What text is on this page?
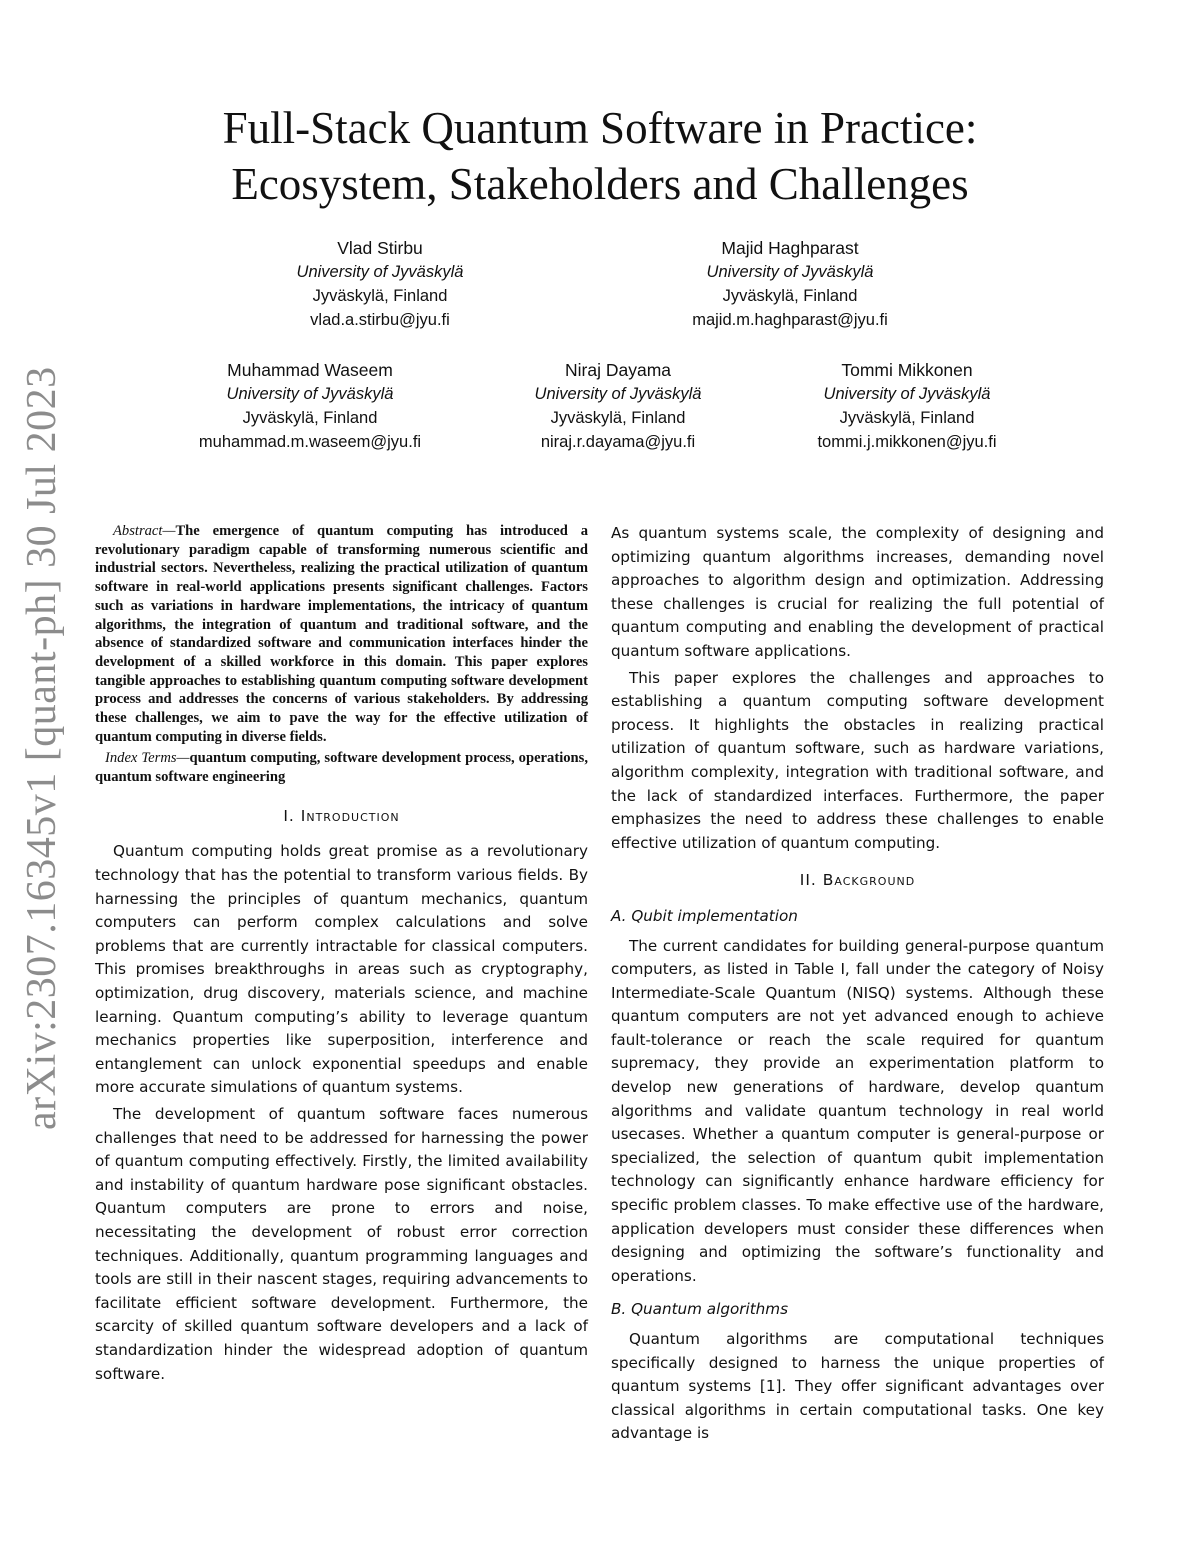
arXiv:2307.16345v1 [quant-ph] 30 Jul 2023
Full-Stack Quantum Software in Practice:
Ecosystem, Stakeholders and Challenges
Vlad Stirbu
University of Jyväskylä
Jyväskylä, Finland
vlad.a.stirbu@jyu.fi
Majid Haghparast
University of Jyväskylä
Jyväskylä, Finland
majid.m.haghparast@jyu.fi
Muhammad Waseem
University of Jyväskylä
Jyväskylä, Finland
muhammad.m.waseem@jyu.fi
Niraj Dayama
University of Jyväskylä
Jyväskylä, Finland
niraj.r.dayama@jyu.fi
Tommi Mikkonen
University of Jyväskylä
Jyväskylä, Finland
tommi.j.mikkonen@jyu.fi

Abstract—The emergence of quantum computing has introduced a revolutionary paradigm capable of transforming numerous scientific and industrial sectors. Nevertheless, realizing the practical utilization of quantum software in real-world applications presents significant challenges. Factors such as variations in hardware implementations, the intricacy of quantum algorithms, the integration of quantum and traditional software, and the absence of standardized software and communication interfaces hinder the development of a skilled workforce in this domain. This paper explores tangible approaches to establishing quantum computing software development process and addresses the concerns of various stakeholders. By addressing these challenges, we aim to pave the way for the effective utilization of quantum computing in diverse fields.

Index Terms—quantum computing, software development process, operations, quantum software engineering

I. Introduction

Quantum computing holds great promise as a revolutionary technology that has the potential to transform various fields. By harnessing the principles of quantum mechanics, quantum computers can perform complex calculations and solve problems that are currently intractable for classical computers. This promises breakthroughs in areas such as cryptography, optimization, drug discovery, materials science, and machine learning. Quantum computing’s ability to leverage quantum mechanics properties like superposition, interference and entanglement can unlock exponential speedups and enable more accurate simulations of quantum systems.

The development of quantum software faces numerous challenges that need to be addressed for harnessing the power of quantum computing effectively. Firstly, the limited availability and instability of quantum hardware pose significant obstacles. Quantum computers are prone to errors and noise, necessitating the development of robust error correction techniques. Additionally, quantum programming languages and tools are still in their nascent stages, requiring advancements to facilitate efficient software development. Furthermore, the scarcity of skilled quantum software developers and a lack of standardization hinder the widespread adoption of quantum software.

As quantum systems scale, the complexity of designing and optimizing quantum algorithms increases, demanding novel approaches to algorithm design and optimization. Addressing these challenges is crucial for realizing the full potential of quantum computing and enabling the development of practical quantum software applications.

This paper explores the challenges and approaches to establishing a quantum computing software development process. It highlights the obstacles in realizing practical utilization of quantum software, such as hardware variations, algorithm complexity, integration with traditional software, and the lack of standardized interfaces. Furthermore, the paper emphasizes the need to address these challenges to enable effective utilization of quantum computing.

II. Background
A. Qubit implementation

The current candidates for building general-purpose quantum computers, as listed in Table I, fall under the category of Noisy Intermediate-Scale Quantum (NISQ) systems. Although these quantum computers are not yet advanced enough to achieve fault-tolerance or reach the scale required for quantum supremacy, they provide an experimentation platform to develop new generations of hardware, develop quantum algorithms and validate quantum technology in real world usecases. Whether a quantum computer is general-purpose or specialized, the selection of quantum qubit implementation technology can significantly enhance hardware efficiency for specific problem classes. To make effective use of the hardware, application developers must consider these differences when designing and optimizing the software’s functionality and operations.

B. Quantum algorithms

Quantum algorithms are computational techniques specifically designed to harness the unique properties of quantum systems [1]. They offer significant advantages over classical algorithms in certain computational tasks. One key advantage is
